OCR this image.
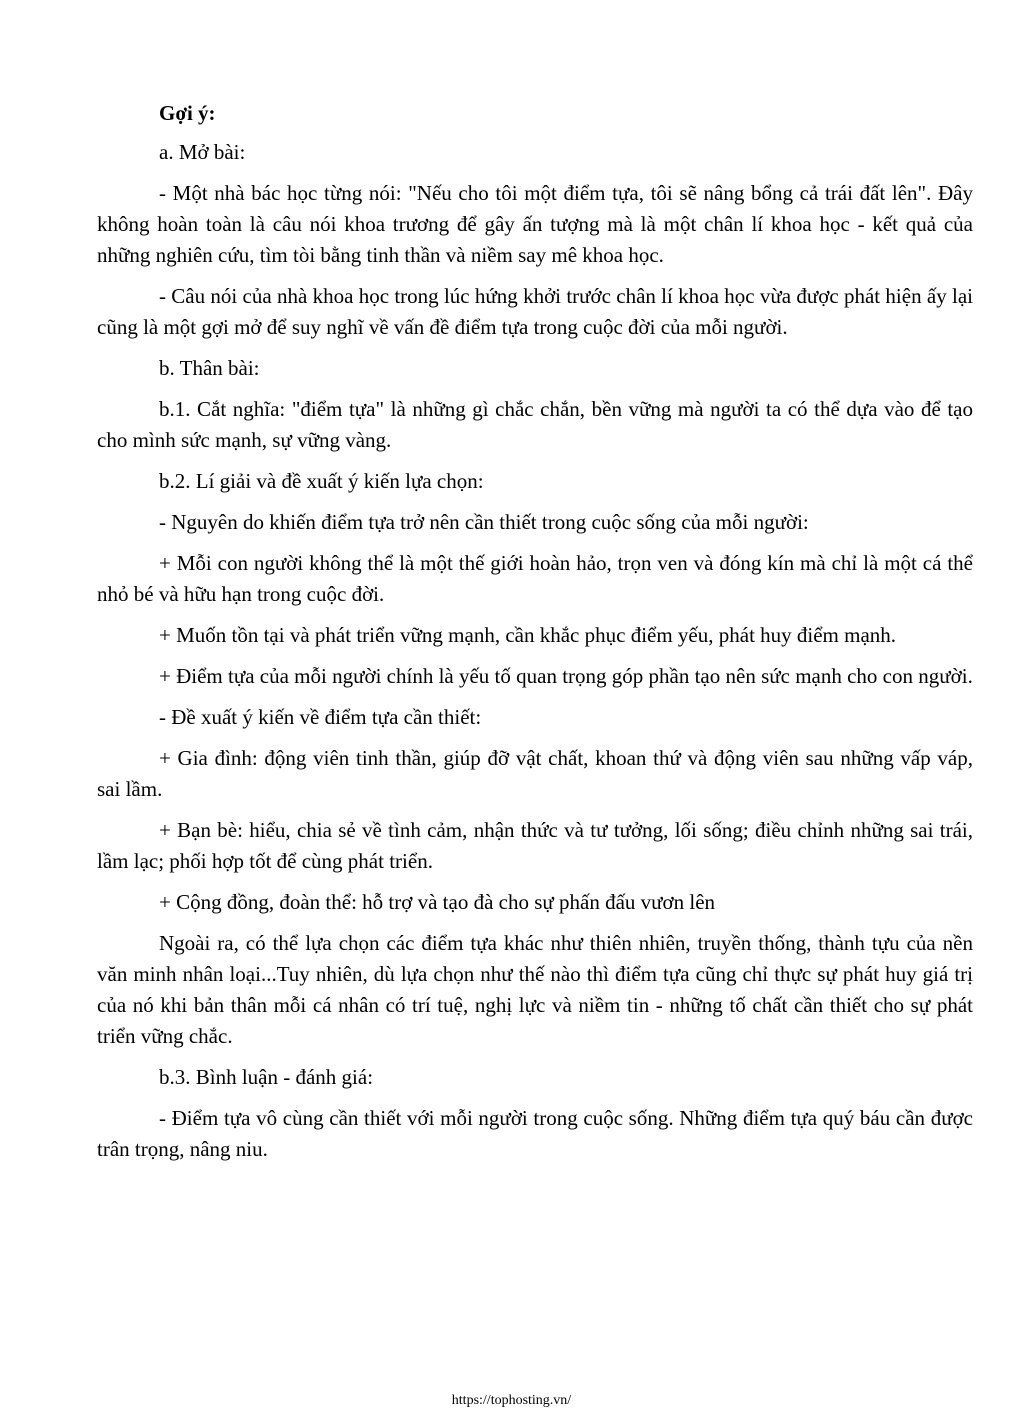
Gợi ý:

a. Mở bài:

- Một nhà bác học từng nói: "Nếu cho tôi một điểm tựa, tôi sẽ nâng bổng cả trái đất lên". Đây không hoàn toàn là câu nói khoa trương để gây ấn tượng mà là một chân lí khoa học - kết quả của những nghiên cứu, tìm tòi bằng tinh thần và niềm say mê khoa học.

- Câu nói của nhà khoa học trong lúc hứng khởi trước chân lí khoa học vừa được phát hiện ấy lại cũng là một gợi mở để suy nghĩ về vấn đề điểm tựa trong cuộc đời của mỗi người.

b. Thân bài:

b.1. Cắt nghĩa: "điểm tựa" là những gì chắc chắn, bền vững mà người ta có thể dựa vào để tạo cho mình sức mạnh, sự vững vàng.

b.2. Lí giải và đề xuất ý kiến lựa chọn:

- Nguyên do khiến điểm tựa trở nên cần thiết trong cuộc sống của mỗi người:

+ Mỗi con người không thể là một thế giới hoàn hảo, trọn ven và đóng kín mà chỉ là một cá thể nhỏ bé và hữu hạn trong cuộc đời.

+ Muốn tồn tại và phát triển vững mạnh, cần khắc phục điểm yếu, phát huy điểm mạnh.

+ Điểm tựa của mỗi người chính là yếu tố quan trọng góp phần tạo nên sức mạnh cho con người.

- Đề xuất ý kiến về điểm tựa cần thiết:

+ Gia đình: động viên tinh thần, giúp đỡ vật chất, khoan thứ và động viên sau những vấp váp, sai lầm.

+ Bạn bè: hiểu, chia sẻ về tình cảm, nhận thức và tư tưởng, lối sống; điều chỉnh những sai trái, lầm lạc; phối hợp tốt để cùng phát triển.

+ Cộng đồng, đoàn thể: hỗ trợ và tạo đà cho sự phấn đấu vươn lên

Ngoài ra, có thể lựa chọn các điểm tựa khác như thiên nhiên, truyền thống, thành tựu của nền văn minh nhân loại...Tuy nhiên, dù lựa chọn như thế nào thì điểm tựa cũng chỉ thực sự phát huy giá trị của nó khi bản thân mỗi cá nhân có trí tuệ, nghị lực và niềm tin - những tố chất cần thiết cho sự phát triển vững chắc.

b.3. Bình luận - đánh giá:

- Điểm tựa vô cùng cần thiết với mỗi người trong cuộc sống. Những điểm tựa quý báu cần được trân trọng, nâng niu.

https://tophosting.vn/
